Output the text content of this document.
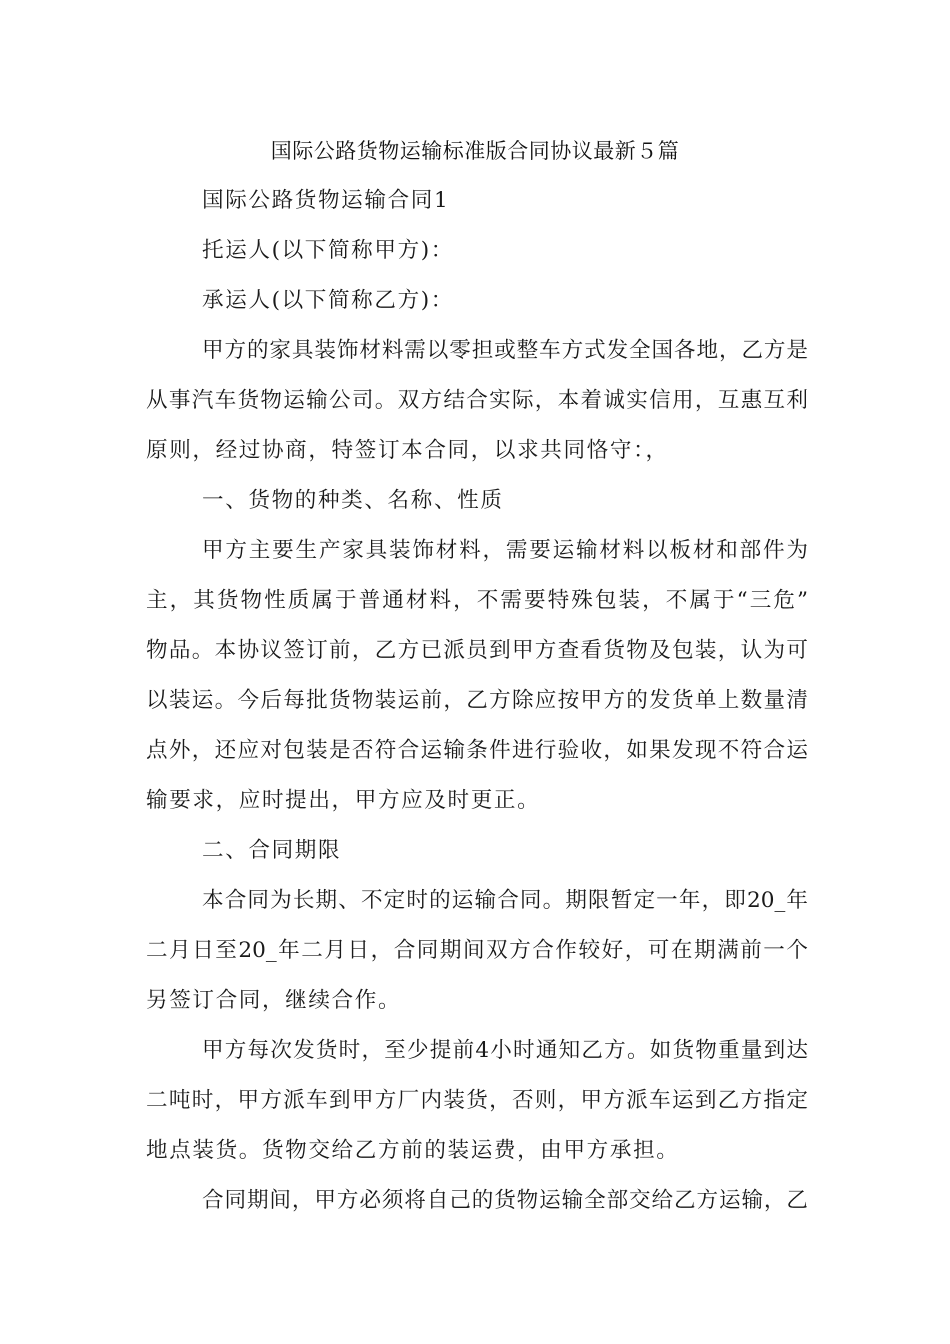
国际公路货物运输标准版合同协议最新５篇
国际公路货物运输合同1
托运人(以下简称甲方)：
承运人(以下简称乙方)：
甲方的家具装饰材料需以零担或整车方式发全国各地，乙方是
从事汽车货物运输公司。双方结合实际，本着诚实信用，互惠互利
原则，经过协商，特签订本合同，以求共同恪守：，
一、货物的种类、名称、性质
甲方主要生产家具装饰材料，需要运输材料以板材和部件为
主，其货物性质属于普通材料，不需要特殊包装，不属于“三危”
物品。本协议签订前，乙方已派员到甲方查看货物及包装，认为可
以装运。今后每批货物装运前，乙方除应按甲方的发货单上数量清
点外，还应对包装是否符合运输条件进行验收，如果发现不符合运
输要求，应时提出，甲方应及时更正。
二、合同期限
本合同为长期、不定时的运输合同。期限暂定一年，即20_年
二月日至20_年二月日，合同期间双方合作较好，可在期满前一个
另签订合同，继续合作。
甲方每次发货时，至少提前4小时通知乙方。如货物重量到达
二吨时，甲方派车到甲方厂内装货，否则，甲方派车运到乙方指定
地点装货。货物交给乙方前的装运费，由甲方承担。
合同期间，甲方必须将自己的货物运输全部交给乙方运输，乙
